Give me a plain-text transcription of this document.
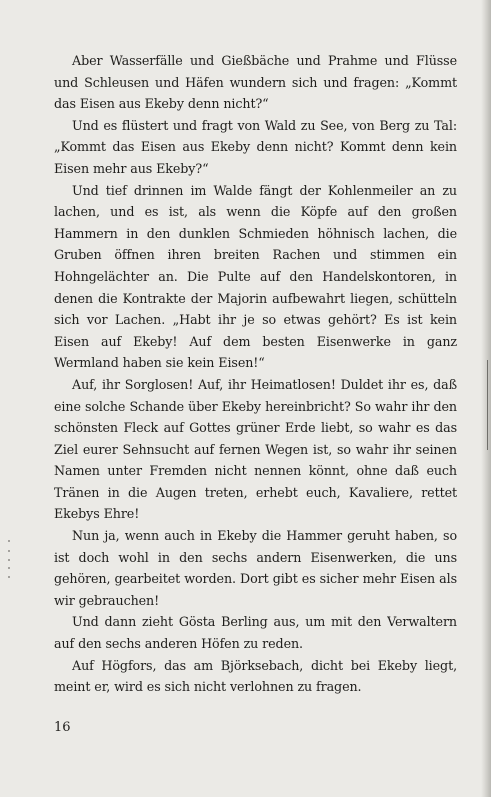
Aber Wasserfälle und Gießbäche und Prahme und Flüsse und Schleusen und Häfen wundern sich und fragen: „Kommt das Eisen aus Ekeby denn nicht?“

Und es flüstert und fragt von Wald zu See, von Berg zu Tal: „Kommt das Eisen aus Ekeby denn nicht? Kommt denn kein Eisen mehr aus Ekeby?“

Und tief drinnen im Walde fängt der Kohlenmeiler an zu lachen, und es ist, als wenn die Köpfe auf den großen Hammern in den dunklen Schmieden höhnisch lachen, die Gruben öffnen ihren breiten Rachen und stimmen ein Hohngelächter an. Die Pulte auf den Handelskontoren, in denen die Kontrakte der Majorin aufbewahrt liegen, schütteln sich vor Lachen. „Habt ihr je so etwas gehört? Es ist kein Eisen auf Ekeby! Auf dem besten Eisenwerke in ganz Wermland haben sie kein Eisen!“

Auf, ihr Sorglosen! Auf, ihr Heimatlosen! Duldet ihr es, daß eine solche Schande über Ekeby hereinbricht? So wahr ihr den schönsten Fleck auf Gottes grüner Erde liebt, so wahr es das Ziel eurer Sehnsucht auf fernen Wegen ist, so wahr ihr seinen Namen unter Fremden nicht nennen könnt, ohne daß euch Tränen in die Augen treten, erhebt euch, Kavaliere, rettet Ekebys Ehre!

Nun ja, wenn auch in Ekeby die Hammer geruht haben, so ist doch wohl in den sechs andern Eisenwerken, die uns gehören, gearbeitet worden. Dort gibt es sicher mehr Eisen als wir gebrauchen!

Und dann zieht Gösta Berling aus, um mit den Verwaltern auf den sechs anderen Höfen zu reden.

Auf Högfors, das am Björksebach, dicht bei Ekeby liegt, meint er, wird es sich nicht verlohnen zu fragen.

16
